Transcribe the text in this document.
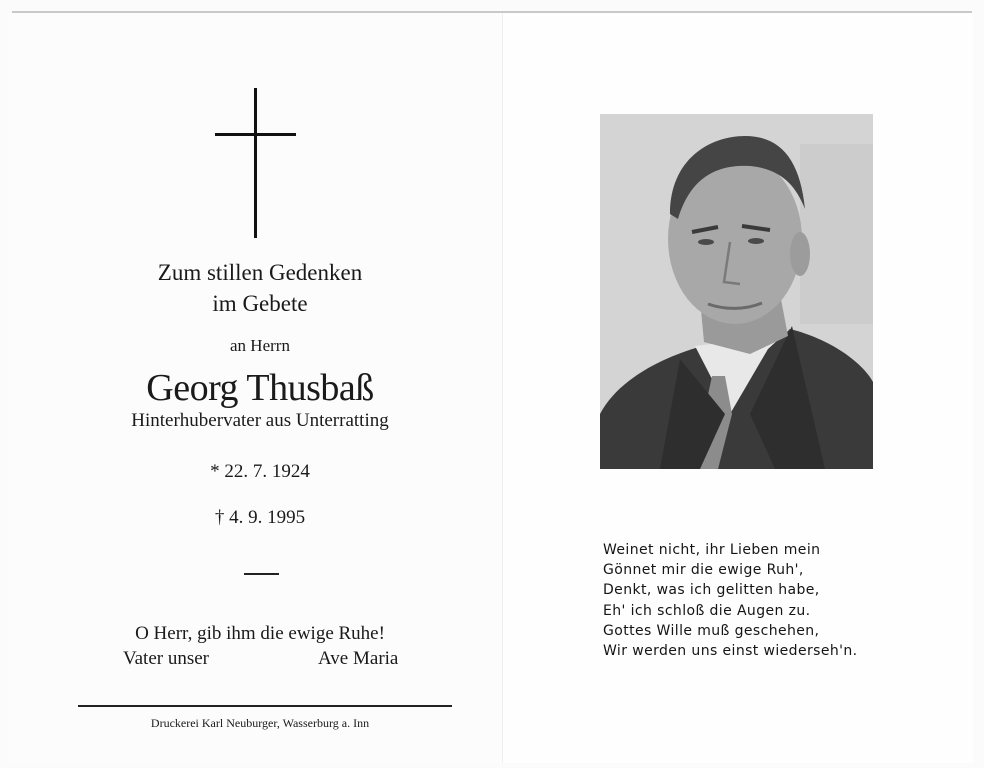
Zum stillen Gedenken
im Gebete
an Herrn
Georg Thusbaß
Hinterhubervater aus Unterratting
* 22. 7. 1924
† 4. 9. 1995
O Herr, gib ihm die ewige Ruhe!
Vater unser	Ave Maria
Druckerei Karl Neuburger, Wasserburg a. Inn
Weinet nicht, ihr Lieben mein
Gönnet mir die ewige Ruh',
Denkt, was ich gelitten habe,
Eh' ich schloß die Augen zu.
Gottes Wille muß geschehen,
Wir werden uns einst wiederseh'n.
